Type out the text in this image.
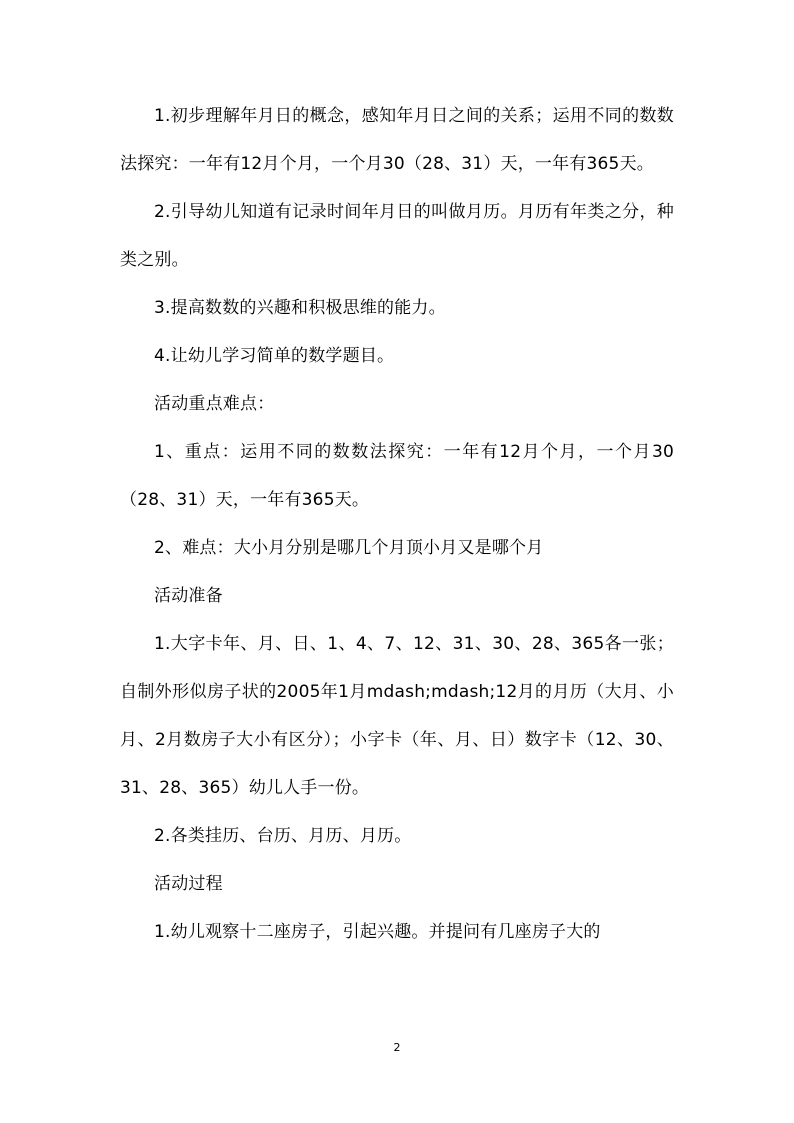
1.初步理解年月日的概念，感知年月日之间的关系；运用不同的数数法探究：一年有12月个月，一个月30（28、31）天，一年有365天。

2.引导幼儿知道有记录时间年月日的叫做月历。月历有年类之分，种类之别。

3.提高数数的兴趣和积极思维的能力。

4.让幼儿学习简单的数学题目。

活动重点难点：

1、重点：运用不同的数数法探究：一年有12月个月，一个月30（28、31）天，一年有365天。

2、难点：大小月分别是哪几个月顶小月又是哪个月

活动准备

1.大字卡年、月、日、1、4、7、12、31、30、28、365各一张；自制外形似房子状的2005年1月mdash;mdash;12月的月历（大月、小月、2月数房子大小有区分）；小字卡（年、月、日）数字卡（12、30、31、28、365）幼儿人手一份。

2.各类挂历、台历、月历、月历。

活动过程

1.幼儿观察十二座房子，引起兴趣。并提问有几座房子大的

2
